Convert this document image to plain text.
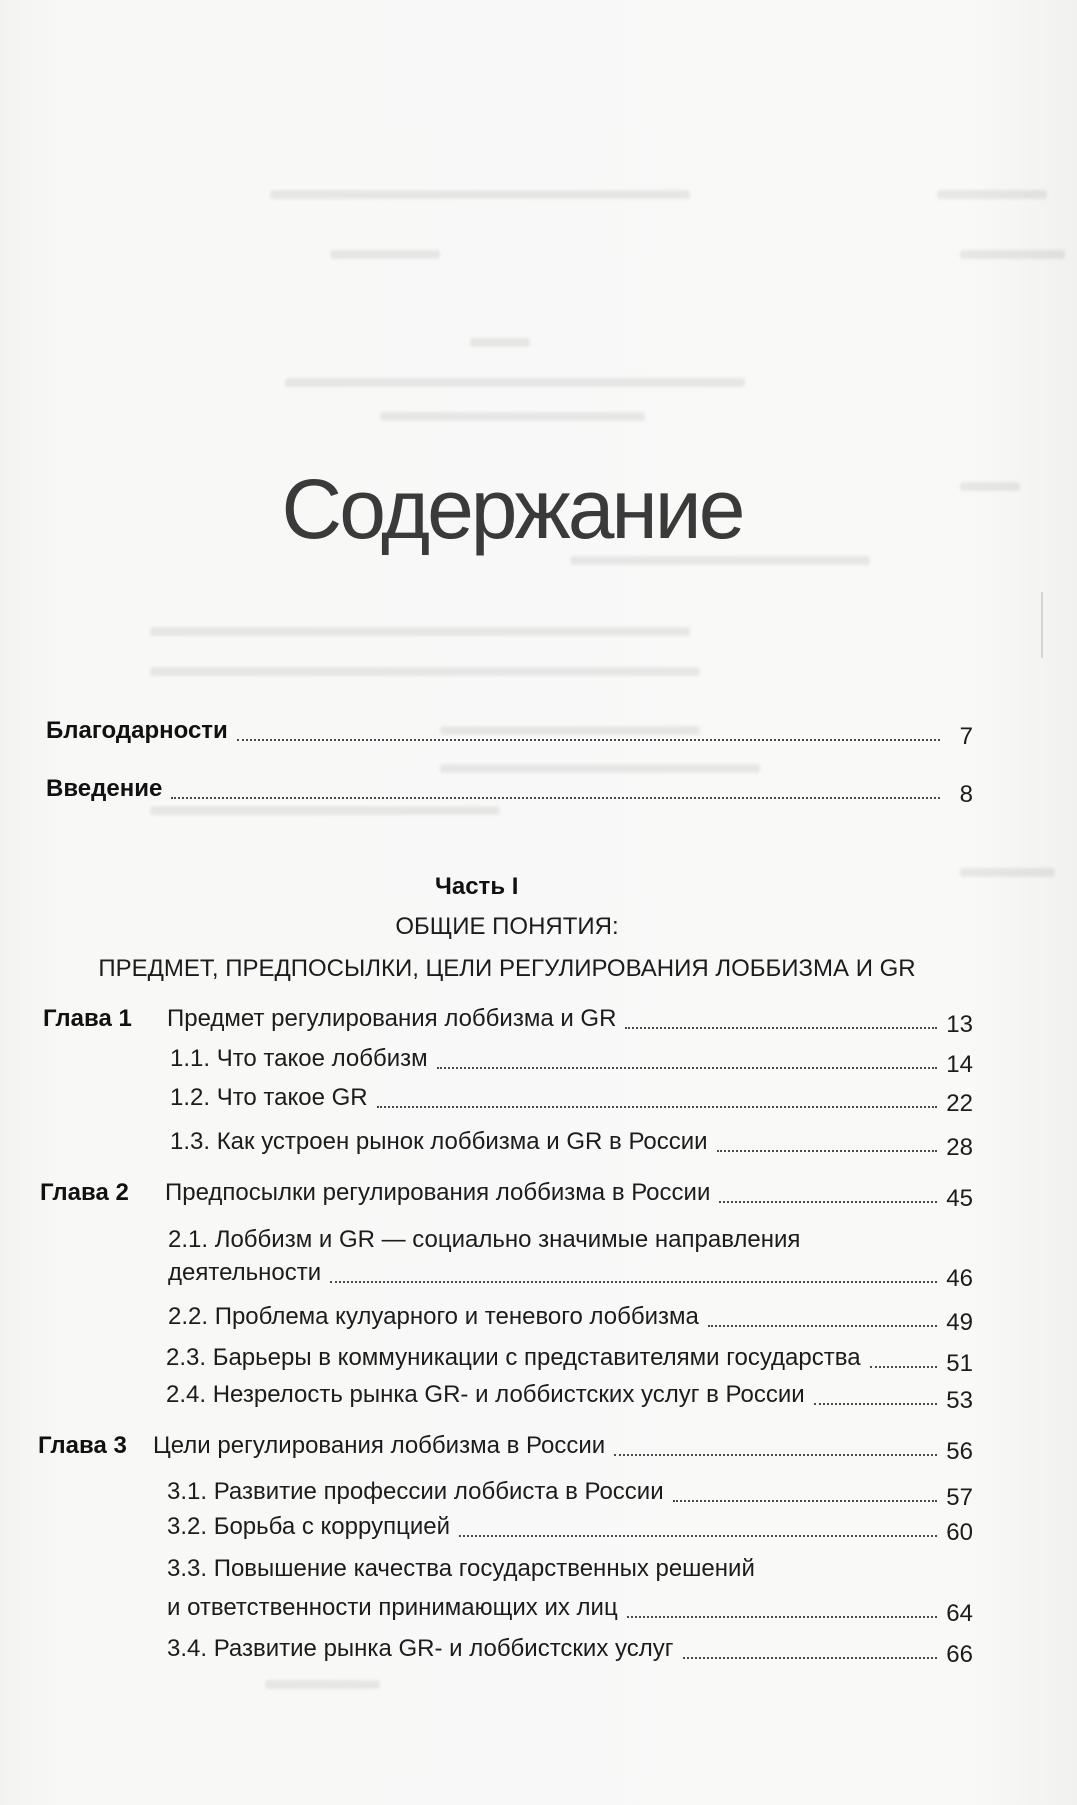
Содержание
Благодарности	7
Введение	8
Часть I
ОБЩИЕ ПОНЯТИЯ:
ПРЕДМЕТ, ПРЕДПОСЫЛКИ, ЦЕЛИ РЕГУЛИРОВАНИЯ ЛОББИЗМА И GR
Глава 1	Предмет регулирования лоббизма и GR	13
1.1. Что такое лоббизм	14
1.2. Что такое GR	22
1.3. Как устроен рынок лоббизма и GR в России	28
Глава 2	Предпосылки регулирования лоббизма в России	45
2.1. Лоббизм и GR — социально значимые направления
деятельности	46
2.2. Проблема кулуарного и теневого лоббизма	49
2.3. Барьеры в коммуникации с представителями государства	51
2.4. Незрелость рынка GR- и лоббистских услуг в России	53
Глава 3	Цели регулирования лоббизма в России	56
3.1. Развитие профессии лоббиста в России	57
3.2. Борьба с коррупцией	60
3.3. Повышение качества государственных решений
и ответственности принимающих их лиц	64
3.4. Развитие рынка GR- и лоббистских услуг	66
